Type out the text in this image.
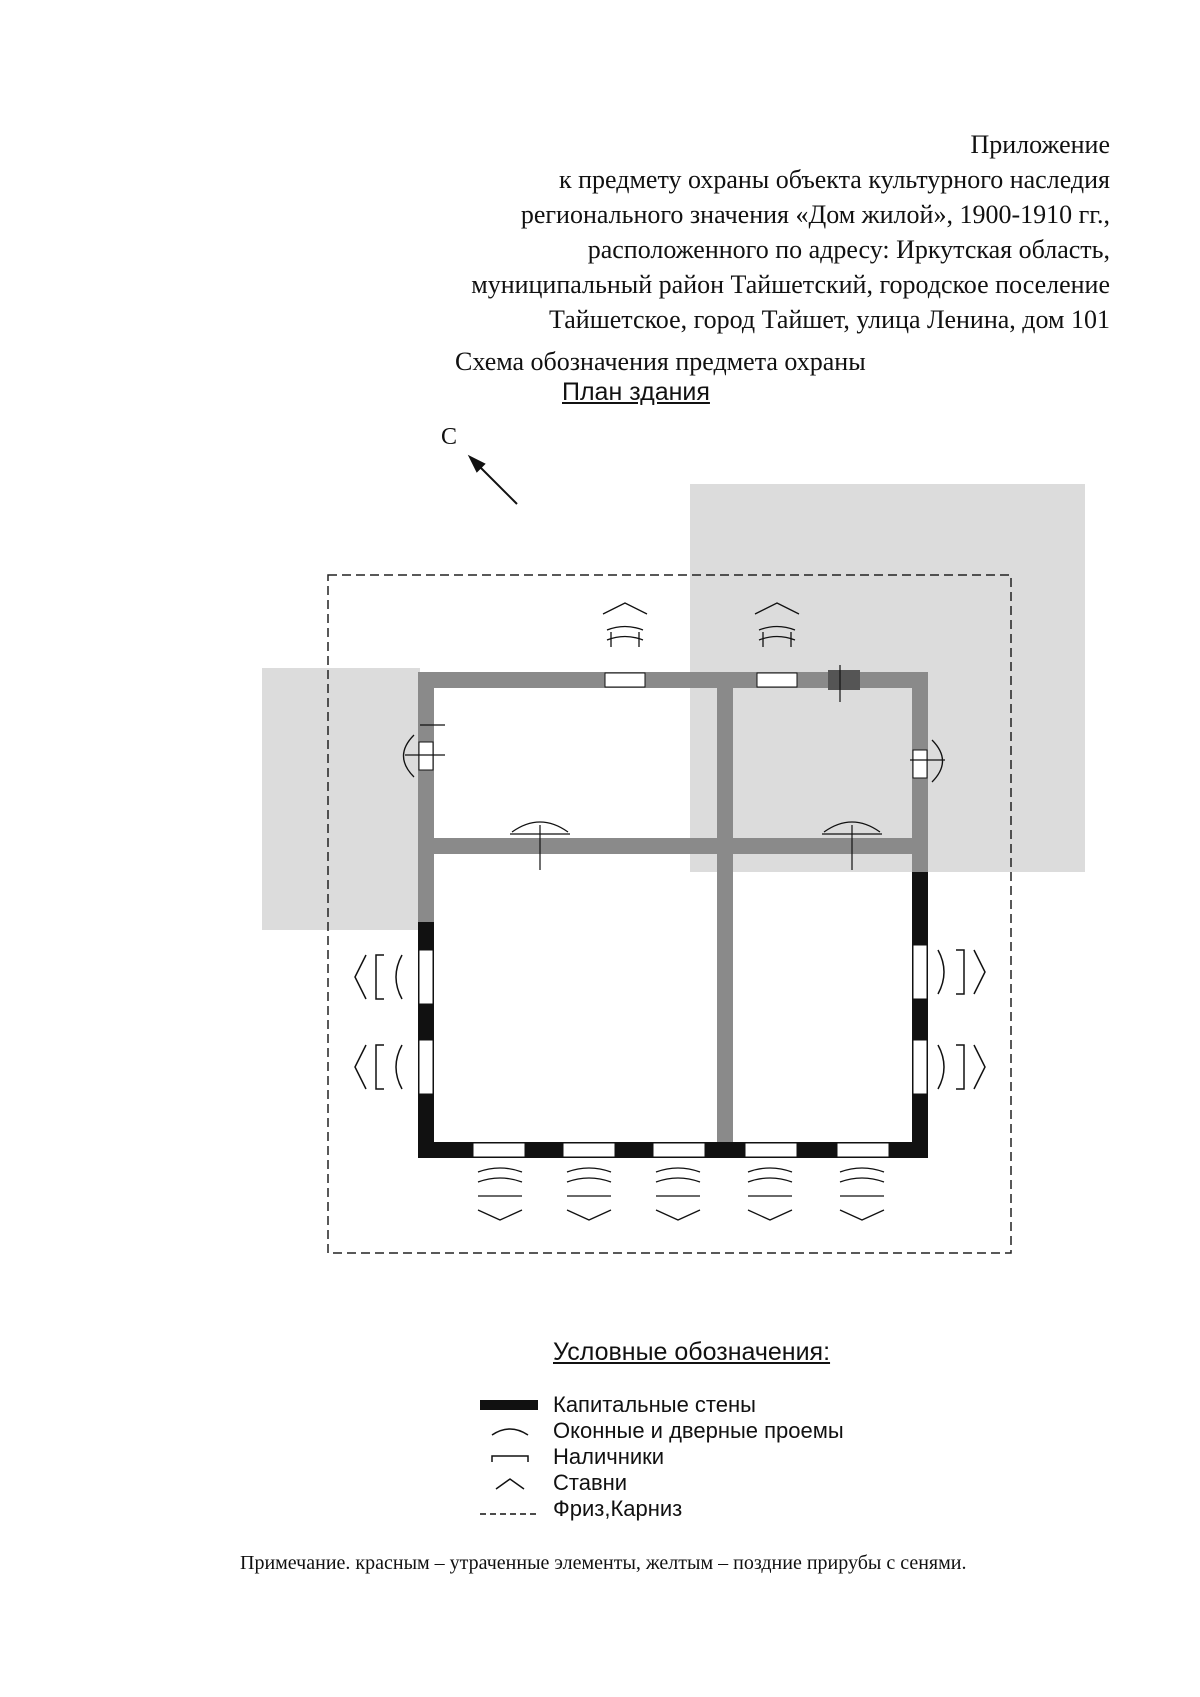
Приложение
к предмету охраны объекта культурного наследия
регионального значения «Дом жилой», 1900-1910 гг.,
расположенного по адресу: Иркутская область,
муниципальный район Тайшетский, городское поселение
Тайшетское, город Тайшет, улица Ленина, дом 101
Схема обозначения предмета охраны
План здания
С
Условные обозначения:
Капитальные стены
Оконные и дверные проемы
Наличники
Ставни
Фриз,Карниз
Примечание. красным – утраченные элементы, желтым – поздние прирубы с сенями.
